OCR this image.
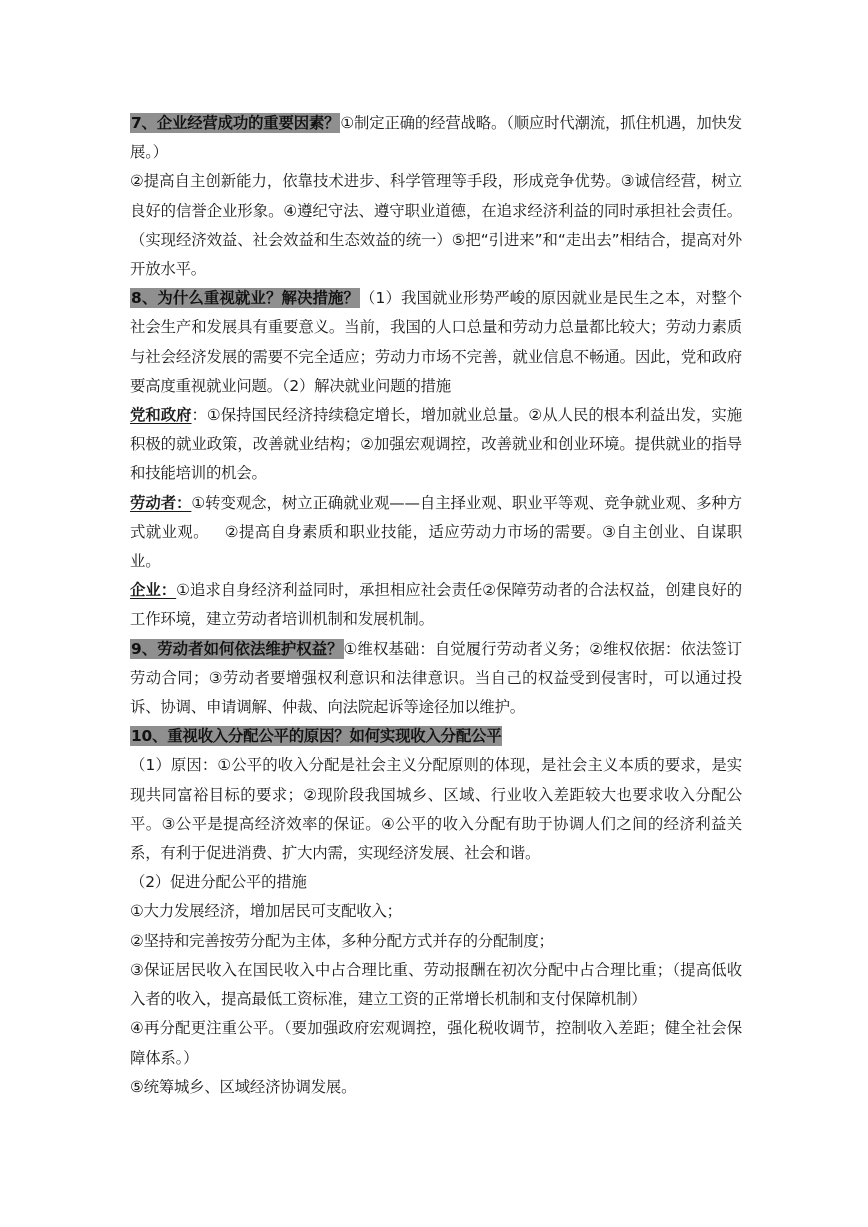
7、企业经营成功的重要因素？①制定正确的经营战略。（顺应时代潮流，抓住机遇，加快发展。）

②提高自主创新能力，依靠技术进步、科学管理等手段，形成竞争优势。③诚信经营，树立良好的信誉企业形象。④遵纪守法、遵守职业道德，在追求经济利益的同时承担社会责任。（实现经济效益、社会效益和生态效益的统一）⑤把“引进来”和“走出去”相结合，提高对外开放水平。

8、为什么重视就业？解决措施？（1）我国就业形势严峻的原因就业是民生之本，对整个社会生产和发展具有重要意义。当前，我国的人口总量和劳动力总量都比较大；劳动力素质与社会经济发展的需要不完全适应；劳动力市场不完善，就业信息不畅通。因此，党和政府要高度重视就业问题。（2）解决就业问题的措施

党和政府：①保持国民经济持续稳定增长，增加就业总量。②从人民的根本利益出发，实施积极的就业政策，改善就业结构；②加强宏观调控，改善就业和创业环境。提供就业的指导和技能培训的机会。

劳动者：①转变观念，树立正确就业观——自主择业观、职业平等观、竞争就业观、多种方式就业观。   ②提高自身素质和职业技能，适应劳动力市场的需要。③自主创业、自谋职业。

企业：①追求自身经济利益同时，承担相应社会责任②保障劳动者的合法权益，创建良好的工作环境，建立劳动者培训机制和发展机制。

9、劳动者如何依法维护权益？①维权基础：自觉履行劳动者义务；②维权依据：依法签订劳动合同；③劳动者要增强权利意识和法律意识。当自己的权益受到侵害时，可以通过投诉、协调、申请调解、仲裁、向法院起诉等途径加以维护。

10、重视收入分配公平的原因？如何实现收入分配公平

（1）原因：①公平的收入分配是社会主义分配原则的体现，是社会主义本质的要求，是实现共同富裕目标的要求；②现阶段我国城乡、区域、行业收入差距较大也要求收入分配公平。③公平是提高经济效率的保证。④公平的收入分配有助于协调人们之间的经济利益关系，有利于促进消费、扩大内需，实现经济发展、社会和谐。

（2）促进分配公平的措施

①大力发展经济，增加居民可支配收入；

②坚持和完善按劳分配为主体，多种分配方式并存的分配制度；

③保证居民收入在国民收入中占合理比重、劳动报酬在初次分配中占合理比重；（提高低收入者的收入，提高最低工资标准，建立工资的正常增长机制和支付保障机制）

④再分配更注重公平。（要加强政府宏观调控，强化税收调节，控制收入差距；健全社会保障体系。）

⑤统筹城乡、区域经济协调发展。
